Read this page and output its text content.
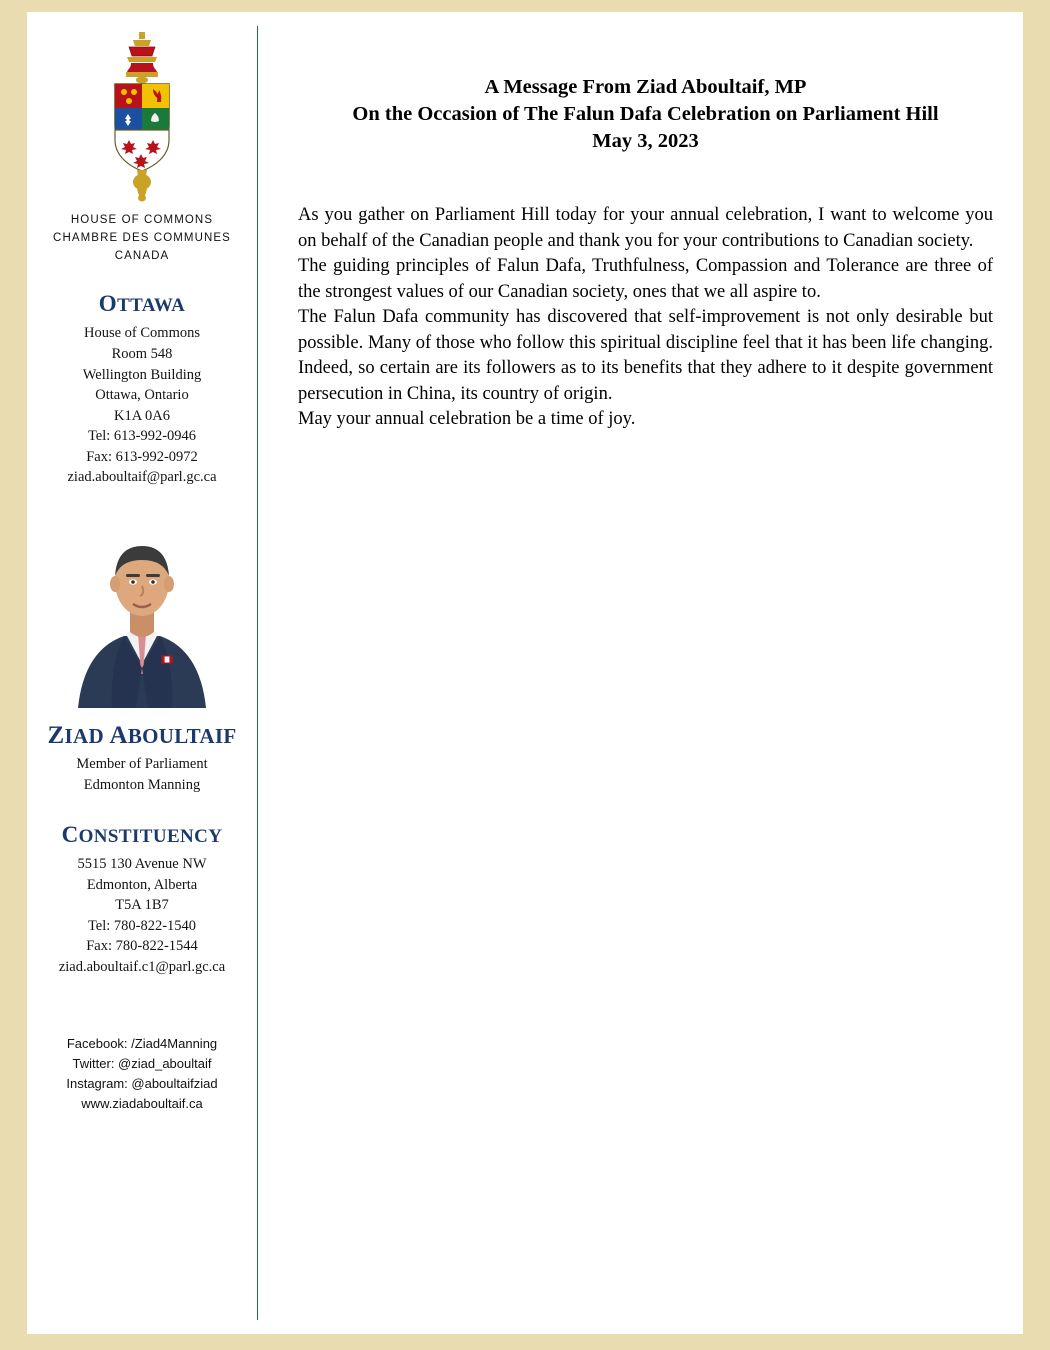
HOUSE OF COMMONS
CHAMBRE DES COMMUNES
CANADA
OTTAWA
House of Commons
Room 548
Wellington Building
Ottawa, Ontario
K1A 0A6
Tel: 613-992-0946
Fax: 613-992-0972
ziad.aboultaif@parl.gc.ca
ZIAD ABOULTAIF
Member of Parliament
Edmonton Manning
CONSTITUENCY
5515 130 Avenue NW
Edmonton, Alberta
T5A 1B7
Tel: 780-822-1540
Fax: 780-822-1544
ziad.aboultaif.c1@parl.gc.ca
Facebook: /Ziad4Manning
Twitter: @ziad_aboultaif
Instagram: @aboultaifziad
www.ziadaboultaif.ca
A Message From Ziad Aboultaif, MP
On the Occasion of The Falun Dafa Celebration on Parliament Hill
May 3, 2023

As you gather on Parliament Hill today for your annual celebration, I want to welcome you on behalf of the Canadian people and thank you for your contributions to Canadian society.

The guiding principles of Falun Dafa, Truthfulness, Compassion and Tolerance are three of the strongest values of our Canadian society, ones that we all aspire to.

The Falun Dafa community has discovered that self-improvement is not only desirable but possible. Many of those who follow this spiritual discipline feel that it has been life changing. Indeed, so certain are its followers as to its benefits that they adhere to it despite government persecution in China, its country of origin.

May your annual celebration be a time of joy.
